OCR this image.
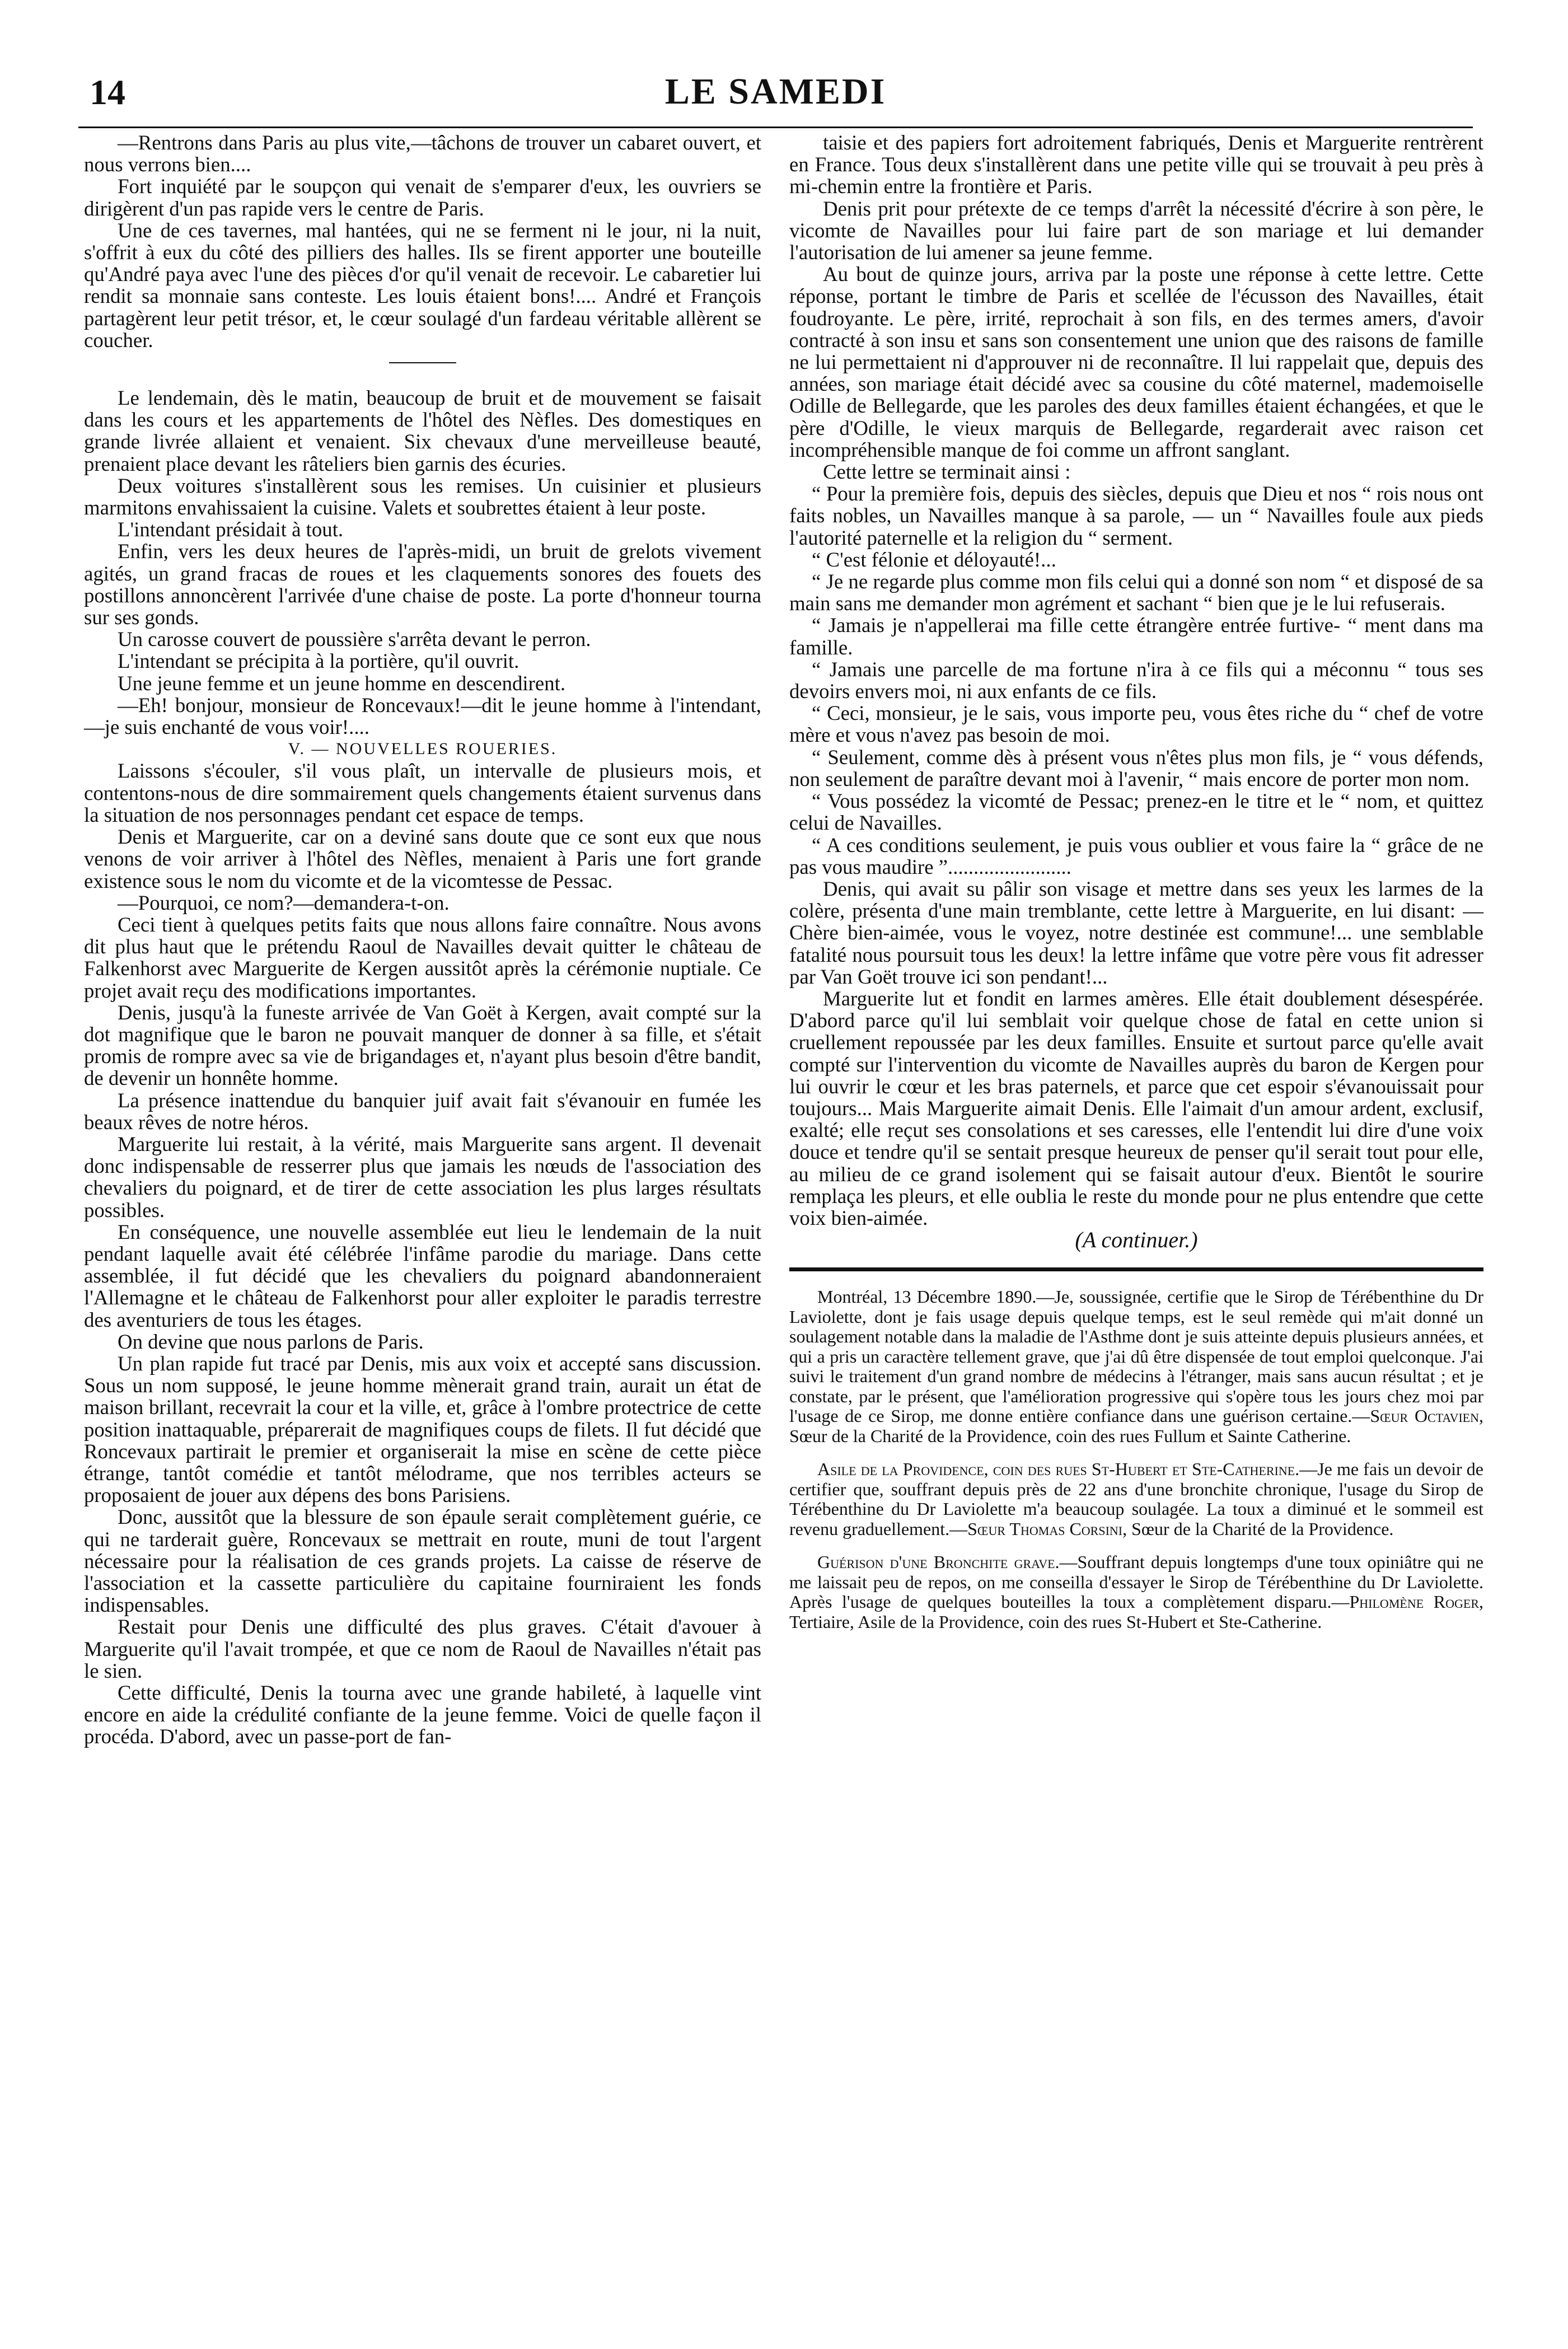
14	LE SAMEDI

—Rentrons dans Paris au plus vite,—tâchons de trouver un cabaret ouvert, et nous verrons bien....

Fort inquiété par le soupçon qui venait de s'emparer d'eux, les ouvriers se dirigèrent d'un pas rapide vers le centre de Paris.

Une de ces tavernes, mal hantées, qui ne se ferment ni le jour, ni la nuit, s'offrit à eux du côté des pilliers des halles. Ils se firent apporter une bouteille qu'André paya avec l'une des pièces d'or qu'il venait de recevoir. Le cabaretier lui rendit sa monnaie sans conteste. Les louis étaient bons!.... André et François partagèrent leur petit trésor, et, le cœur soulagé d'un fardeau véritable allèrent se coucher.

Le lendemain, dès le matin, beaucoup de bruit et de mouvement se faisait dans les cours et les appartements de l'hôtel des Nèfles. Des domestiques en grande livrée allaient et venaient. Six chevaux d'une merveilleuse beauté, prenaient place devant les râteliers bien garnis des écuries.

Deux voitures s'installèrent sous les remises. Un cuisinier et plusieurs marmitons envahissaient la cuisine. Valets et soubrettes étaient à leur poste.

L'intendant présidait à tout.

Enfin, vers les deux heures de l'après-midi, un bruit de grelots vivement agités, un grand fracas de roues et les claquements sonores des fouets des postillons annoncèrent l'arrivée d'une chaise de poste. La porte d'honneur tourna sur ses gonds.

Un carosse couvert de poussière s'arrêta devant le perron.

L'intendant se précipita à la portière, qu'il ouvrit.

Une jeune femme et un jeune homme en descendirent.

—Eh! bonjour, monsieur de Roncevaux!—dit le jeune homme à l'intendant,—je suis enchanté de vous voir!....

V. — NOUVELLES ROUERIES.

Laissons s'écouler, s'il vous plaît, un intervalle de plusieurs mois, et contentons-nous de dire sommairement quels changements étaient survenus dans la situation de nos personnages pendant cet espace de temps.

Denis et Marguerite, car on a deviné sans doute que ce sont eux que nous venons de voir arriver à l'hôtel des Nèfles, menaient à Paris une fort grande existence sous le nom du vicomte et de la vicomtesse de Pessac.

—Pourquoi, ce nom?—demandera-t-on.

Ceci tient à quelques petits faits que nous allons faire connaître. Nous avons dit plus haut que le prétendu Raoul de Navailles devait quitter le château de Falkenhorst avec Marguerite de Kergen aussitôt après la cérémonie nuptiale. Ce projet avait reçu des modifications importantes.

Denis, jusqu'à la funeste arrivée de Van Goët à Kergen, avait compté sur la dot magnifique que le baron ne pouvait manquer de donner à sa fille, et s'était promis de rompre avec sa vie de brigandages et, n'ayant plus besoin d'être bandit, de devenir un honnête homme.

La présence inattendue du banquier juif avait fait s'évanouir en fumée les beaux rêves de notre héros.

Marguerite lui restait, à la vérité, mais Marguerite sans argent. Il devenait donc indispensable de resserrer plus que jamais les nœuds de l'association des chevaliers du poignard, et de tirer de cette association les plus larges résultats possibles.

En conséquence, une nouvelle assemblée eut lieu le lendemain de la nuit pendant laquelle avait été célébrée l'infâme parodie du mariage. Dans cette assemblée, il fut décidé que les chevaliers du poignard abandonneraient l'Allemagne et le château de Falkenhorst pour aller exploiter le paradis terrestre des aventuriers de tous les étages.

On devine que nous parlons de Paris.

Un plan rapide fut tracé par Denis, mis aux voix et accepté sans discussion. Sous un nom supposé, le jeune homme mènerait grand train, aurait un état de maison brillant, recevrait la cour et la ville, et, grâce à l'ombre protectrice de cette position inattaquable, préparerait de magnifiques coups de filets. Il fut décidé que Roncevaux partirait le premier et organiserait la mise en scène de cette pièce étrange, tantôt comédie et tantôt mélodrame, que nos terribles acteurs se proposaient de jouer aux dépens des bons Parisiens.

Donc, aussitôt que la blessure de son épaule serait complètement guérie, ce qui ne tarderait guère, Roncevaux se mettrait en route, muni de tout l'argent nécessaire pour la réalisation de ces grands projets. La caisse de réserve de l'association et la cassette particulière du capitaine fourniraient les fonds indispensables.

Restait pour Denis une difficulté des plus graves. C'était d'avouer à Marguerite qu'il l'avait trompée, et que ce nom de Raoul de Navailles n'était pas le sien.

Cette difficulté, Denis la tourna avec une grande habileté, à laquelle vint encore en aide la crédulité confiante de la jeune femme. Voici de quelle façon il procéda. D'abord, avec un passe-port de fan-

taisie et des papiers fort adroitement fabriqués, Denis et Marguerite rentrèrent en France. Tous deux s'installèrent dans une petite ville qui se trouvait à peu près à mi-chemin entre la frontière et Paris.

Denis prit pour prétexte de ce temps d'arrêt la nécessité d'écrire à son père, le vicomte de Navailles pour lui faire part de son mariage et lui demander l'autorisation de lui amener sa jeune femme.

Au bout de quinze jours, arriva par la poste une réponse à cette lettre. Cette réponse, portant le timbre de Paris et scellée de l'écusson des Navailles, était foudroyante. Le père, irrité, reprochait à son fils, en des termes amers, d'avoir contracté à son insu et sans son consentement une union que des raisons de famille ne lui permettaient ni d'approuver ni de reconnaître. Il lui rappelait que, depuis des années, son mariage était décidé avec sa cousine du côté maternel, mademoiselle Odille de Bellegarde, que les paroles des deux familles étaient échangées, et que le père d'Odille, le vieux marquis de Bellegarde, regarderait avec raison cet incompréhensible manque de foi comme un affront sanglant.

Cette lettre se terminait ainsi :

“ Pour la première fois, depuis des siècles, depuis que Dieu et nos “ rois nous ont faits nobles, un Navailles manque à sa parole, — un “ Navailles foule aux pieds l'autorité paternelle et la religion du “ serment.

“ C'est félonie et déloyauté!...

“ Je ne regarde plus comme mon fils celui qui a donné son nom “ et disposé de sa main sans me demander mon agrément et sachant “ bien que je le lui refuserais.

“ Jamais je n'appellerai ma fille cette étrangère entrée furtive- “ ment dans ma famille.

“ Jamais une parcelle de ma fortune n'ira à ce fils qui a méconnu “ tous ses devoirs envers moi, ni aux enfants de ce fils.

“ Ceci, monsieur, je le sais, vous importe peu, vous êtes riche du “ chef de votre mère et vous n'avez pas besoin de moi.

“ Seulement, comme dès à présent vous n'êtes plus mon fils, je “ vous défends, non seulement de paraître devant moi à l'avenir, “ mais encore de porter mon nom.

“ Vous possédez la vicomté de Pessac; prenez-en le titre et le “ nom, et quittez celui de Navailles.

“ A ces conditions seulement, je puis vous oublier et vous faire la “ grâce de ne pas vous maudire ”........................

Denis, qui avait su pâlir son visage et mettre dans ses yeux les larmes de la colère, présenta d'une main tremblante, cette lettre à Marguerite, en lui disant: — Chère bien-aimée, vous le voyez, notre destinée est commune!... une semblable fatalité nous poursuit tous les deux! la lettre infâme que votre père vous fit adresser par Van Goët trouve ici son pendant!...

Marguerite lut et fondit en larmes amères. Elle était doublement désespérée. D'abord parce qu'il lui semblait voir quelque chose de fatal en cette union si cruellement repoussée par les deux familles. Ensuite et surtout parce qu'elle avait compté sur l'intervention du vicomte de Navailles auprès du baron de Kergen pour lui ouvrir le cœur et les bras paternels, et parce que cet espoir s'évanouissait pour toujours... Mais Marguerite aimait Denis. Elle l'aimait d'un amour ardent, exclusif, exalté; elle reçut ses consolations et ses caresses, elle l'entendit lui dire d'une voix douce et tendre qu'il se sentait presque heureux de penser qu'il serait tout pour elle, au milieu de ce grand isolement qui se faisait autour d'eux. Bientôt le sourire remplaça les pleurs, et elle oublia le reste du monde pour ne plus entendre que cette voix bien-aimée.

(A continuer.)

Montréal, 13 Décembre 1890.—Je, soussignée, certifie que le Sirop de Térébenthine du Dr Laviolette, dont je fais usage depuis quelque temps, est le seul remède qui m'ait donné un soulagement notable dans la maladie de l'Asthme dont je suis atteinte depuis plusieurs années, et qui a pris un caractère tellement grave, que j'ai dû être dispensée de tout emploi quelconque. J'ai suivi le traitement d'un grand nombre de médecins à l'étranger, mais sans aucun résultat ; et je constate, par le présent, que l'amélioration progressive qui s'opère tous les jours chez moi par l'usage de ce Sirop, me donne entière confiance dans une guérison certaine.—Sœur Octavien, Sœur de la Charité de la Providence, coin des rues Fullum et Sainte Catherine.

Asile de la Providence, coin des rues St-Hubert et Ste-Catherine.—Je me fais un devoir de certifier que, souffrant depuis près de 22 ans d'une bronchite chronique, l'usage du Sirop de Térébenthine du Dr Laviolette m'a beaucoup soulagée. La toux a diminué et le sommeil est revenu graduellement.—Sœur Thomas Corsini, Sœur de la Charité de la Providence.

Guérison d'une Bronchite grave.—Souffrant depuis longtemps d'une toux opiniâtre qui ne me laissait peu de repos, on me conseilla d'essayer le Sirop de Térébenthine du Dr Laviolette. Après l'usage de quelques bouteilles la toux a complètement disparu.—Philomène Roger, Tertiaire, Asile de la Providence, coin des rues St-Hubert et Ste-Catherine.
